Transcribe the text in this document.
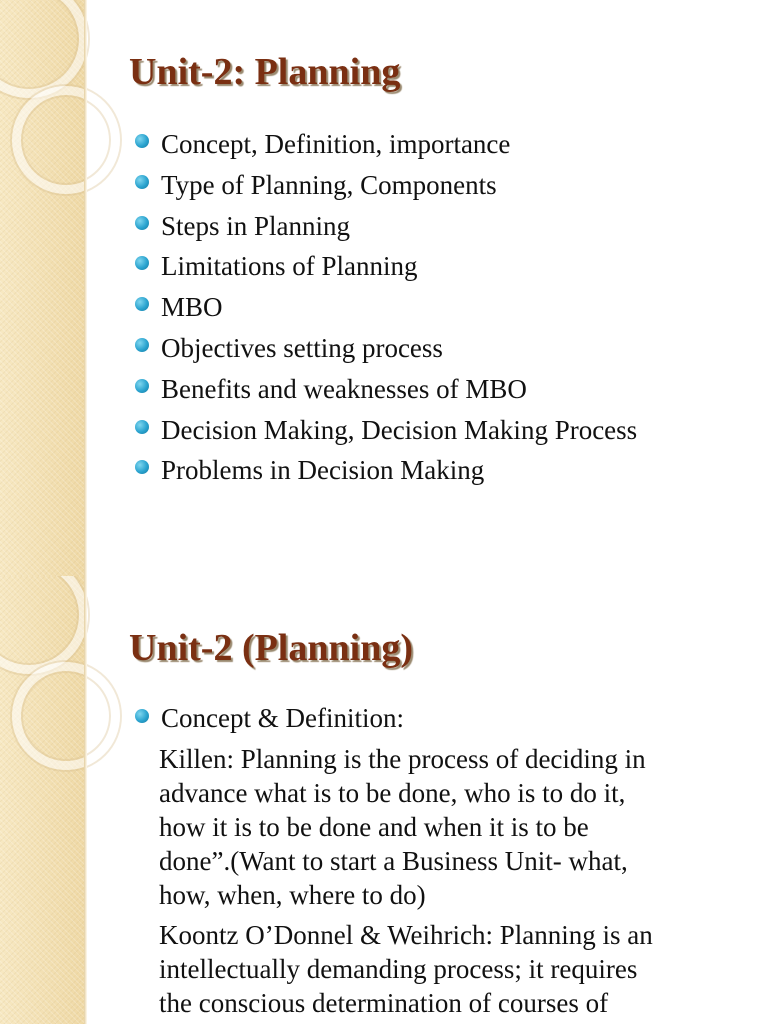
Unit-2: Planning
Concept, Definition, importance
Type of Planning, Components
Steps in Planning
Limitations of Planning
MBO
Objectives setting process
Benefits and weaknesses of MBO
Decision Making, Decision Making Process
Problems in Decision Making
Unit-2 (Planning)
Concept & Definition:
Killen: Planning is the process of deciding in
advance what is to be done, who is to do it,
how it is to be done and when it is to be
done”.(Want to start a Business Unit- what,
how, when, where to do)
Koontz O’Donnel & Weihrich: Planning is an
intellectually demanding process; it requires
the conscious determination of courses of
